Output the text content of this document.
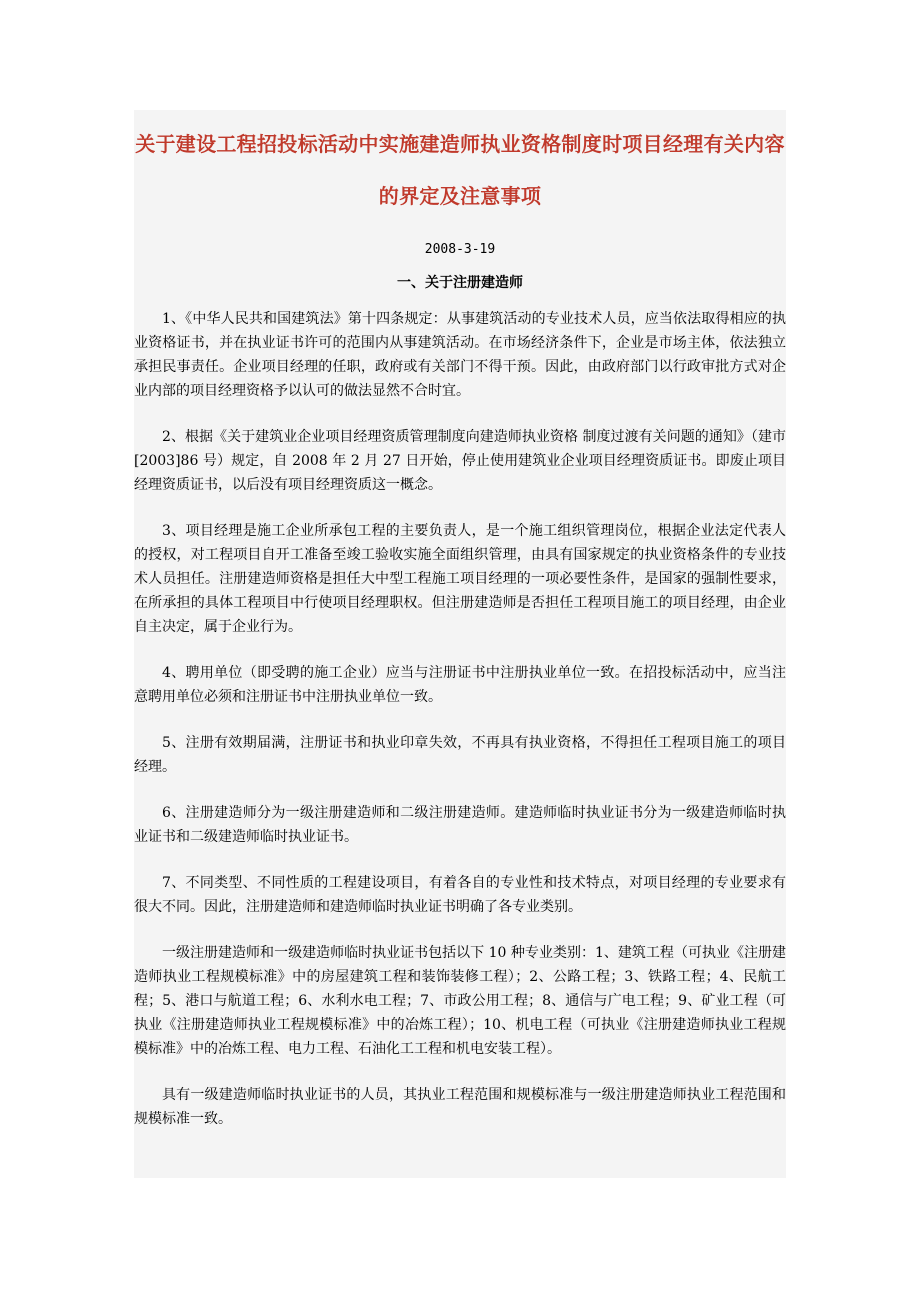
关于建设工程招投标活动中实施建造师执业资格制度时项目经理有关内容的界定及注意事项
2008-3-19
一、关于注册建造师

1、《中华人民共和国建筑法》第十四条规定：从事建筑活动的专业技术人员，应当依法取得相应的执业资格证书，并在执业证书许可的范围内从事建筑活动。在市场经济条件下，企业是市场主体，依法独立承担民事责任。企业项目经理的任职，政府或有关部门不得干预。因此，由政府部门以行政审批方式对企业内部的项目经理资格予以认可的做法显然不合时宜。

2、根据《关于建筑业企业项目经理资质管理制度向建造师执业资格 制度过渡有关问题的通知》（建市[2003]86 号）规定，自 2008 年 2 月 27 日开始，停止使用建筑业企业项目经理资质证书。即废止项目经理资质证书，以后没有项目经理资质这一概念。

3、项目经理是施工企业所承包工程的主要负责人，是一个施工组织管理岗位，根据企业法定代表人的授权，对工程项目自开工准备至竣工验收实施全面组织管理，由具有国家规定的执业资格条件的专业技术人员担任。注册建造师资格是担任大中型工程施工项目经理的一项必要性条件，是国家的强制性要求，在所承担的具体工程项目中行使项目经理职权。但注册建造师是否担任工程项目施工的项目经理，由企业自主决定，属于企业行为。

4、聘用单位（即受聘的施工企业）应当与注册证书中注册执业单位一致。在招投标活动中，应当注意聘用单位必须和注册证书中注册执业单位一致。

5、注册有效期届满，注册证书和执业印章失效，不再具有执业资格，不得担任工程项目施工的项目经理。

6、注册建造师分为一级注册建造师和二级注册建造师。建造师临时执业证书分为一级建造师临时执业证书和二级建造师临时执业证书。

7、不同类型、不同性质的工程建设项目，有着各自的专业性和技术特点，对项目经理的专业要求有很大不同。因此，注册建造师和建造师临时执业证书明确了各专业类别。

一级注册建造师和一级建造师临时执业证书包括以下 10 种专业类别：1、建筑工程（可执业《注册建造师执业工程规模标准》中的房屋建筑工程和装饰装修工程）；2、公路工程；3、铁路工程；4、民航工程；5、港口与航道工程；6、水利水电工程；7、市政公用工程；8、通信与广电工程；9、矿业工程（可执业《注册建造师执业工程规模标准》中的冶炼工程）；10、机电工程（可执业《注册建造师执业工程规模标准》中的冶炼工程、电力工程、石油化工工程和机电安装工程）。

具有一级建造师临时执业证书的人员，其执业工程范围和规模标准与一级注册建造师执业工程范围和规模标准一致。
